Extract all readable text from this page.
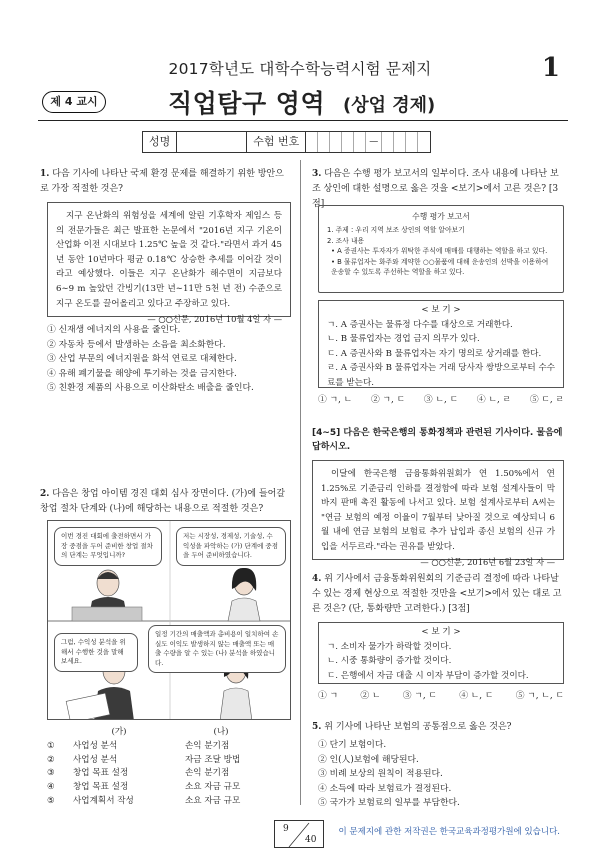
2017학년도 대학수학능력시험 문제지	1
제 4 교시	직업탐구 영역 (상업 경제)
성명	수험 번호	—
1. 다음 기사에 나타난 국제 환경 문제를 해결하기 위한 방안으로 가장 적절한 것은?
지구 온난화의 위험성을 세계에 알린 기후학자 제임스 등의 전문가들은 최근 발표한 논문에서 "2016년 지구 기온이 산업화 이전 시대보다 1.25℃ 높을 것 같다."라면서 과거 45년 동안 10년마다 평균 0.18℃ 상승한 추세를 이어갈 것이라고 예상했다. 이들은 지구 온난화가 해수면이 지금보다 6∼9 m 높았던 간빙기(13만 년∼11만 5천 년 전) 수준으로 지구 온도를 끌어올리고 있다고 주장하고 있다.
— ○○신문, 2016년 10월 4일 자 —
① 신재생 에너지의 사용을 줄인다.
② 자동차 등에서 발생하는 소음을 최소화한다.
③ 산업 부문의 에너지원을 화석 연료로 대체한다.
④ 유해 폐기물을 해양에 투기하는 것을 금지한다.
⑤ 친환경 제품의 사용으로 이산화탄소 배출을 줄인다.
2. 다음은 창업 아이템 경진 대회 심사 장면이다. (가)에 들어갈 창업 절차 단계와 (나)에 해당하는 내용으로 적절한 것은?
이번 경진 대회에 출전하면서 가장 중점을 두어 준비한 창업 절차의 단계는 무엇입니까?
저는 시장성, 경제성, 기술성, 수익성을 파악하는 (가) 단계에 중점을 두어 준비하였습니다.
그럼, 수익성 분석을 위해서 수행한 것을 말해 보세요.
일정 기간의 매출액과 총비용이 일치하여 손실도 이익도 발생하지 않는 매출액 또는 매출 수량을 알 수 있는 (나) 분석을 하였습니다.
(가)	(나)
①	사업성 분석	손익 분기점
②	사업성 분석	자금 조달 방법
③	창업 목표 설정	손익 분기점
④	창업 목표 설정	소요 자금 규모
⑤	사업계획서 작성	소요 자금 규모
3. 다음은 수행 평가 보고서의 일부이다. 조사 내용에 나타난 보조 상인에 대한 설명으로 옳은 것을 <보기>에서 고른 것은? [3점]
수행 평가 보고서
1. 주제 : 우리 지역 보조 상인의 역할 알아보기
2. 조사 내용
• A 증권사는 투자자가 위탁한 주식에 매매를 대행하는 역할을 하고 있다.
• B 물류업자는 화주와 계약한 ○○물품에 대해 운송인의 선박을 이용하여 운송할 수 있도록 주선하는 역할을 하고 있다.
< 보 기 >
ㄱ. A 증권사는 물류정 다수를 대상으로 거래한다.
ㄴ. B 물류업자는 경업 금지 의무가 있다.
ㄷ. A 증권사와 B 물류업자는 자기 명의로 상거래를 한다.
ㄹ. A 증권사와 B 물류업자는 거래 당사자 쌍방으로부터 수수료를 받는다.
① ㄱ, ㄴ ② ㄱ, ㄷ ③ ㄴ, ㄷ ④ ㄴ, ㄹ ⑤ ㄷ, ㄹ
[4∼5] 다음은 한국은행의 통화정책과 관련된 기사이다. 물음에 답하시오.
이달에 한국은행 금융통화위원회가 연 1.50%에서 연 1.25%로 기준금리 인하를 결정함에 따라 보험 설계사들이 막바지 판매 촉진 활동에 나서고 있다. 보험 설계사로부터 A씨는 "연금 보험의 예정 이율이 7월부터 낮아질 것으로 예상되니 6월 내에 연금 보험의 보험료 추가 납입과 종신 보험의 신규 가입을 서두르라."라는 권유를 받았다.
— ○○신문, 2016년 6월 23일 자 —
4. 위 기사에서 금융통화위원회의 기준금리 결정에 따라 나타날 수 있는 경제 현상으로 적절한 것만을 <보기>에서 있는 대로 고른 것은? (단, 통화량만 고려한다.) [3점]
< 보 기 >
ㄱ. 소비자 물가가 하락할 것이다.
ㄴ. 시중 통화량이 증가할 것이다.
ㄷ. 은행에서 자금 대출 시 이자 부담이 증가할 것이다.
① ㄱ	② ㄴ	③ ㄱ, ㄷ	④ ㄴ, ㄷ	⑤ ㄱ, ㄴ, ㄷ
5. 위 기사에 나타난 보험의 공통점으로 옳은 것은?
① 단기 보험이다.
② 인(人)보험에 해당된다.
③ 비례 보상의 원칙이 적용된다.
④ 소득에 따라 보험료가 결정된다.
⑤ 국가가 보험료의 일부를 부담한다.
9
40
이 문제지에 관한 저작권은 한국교육과정평가원에 있습니다.
